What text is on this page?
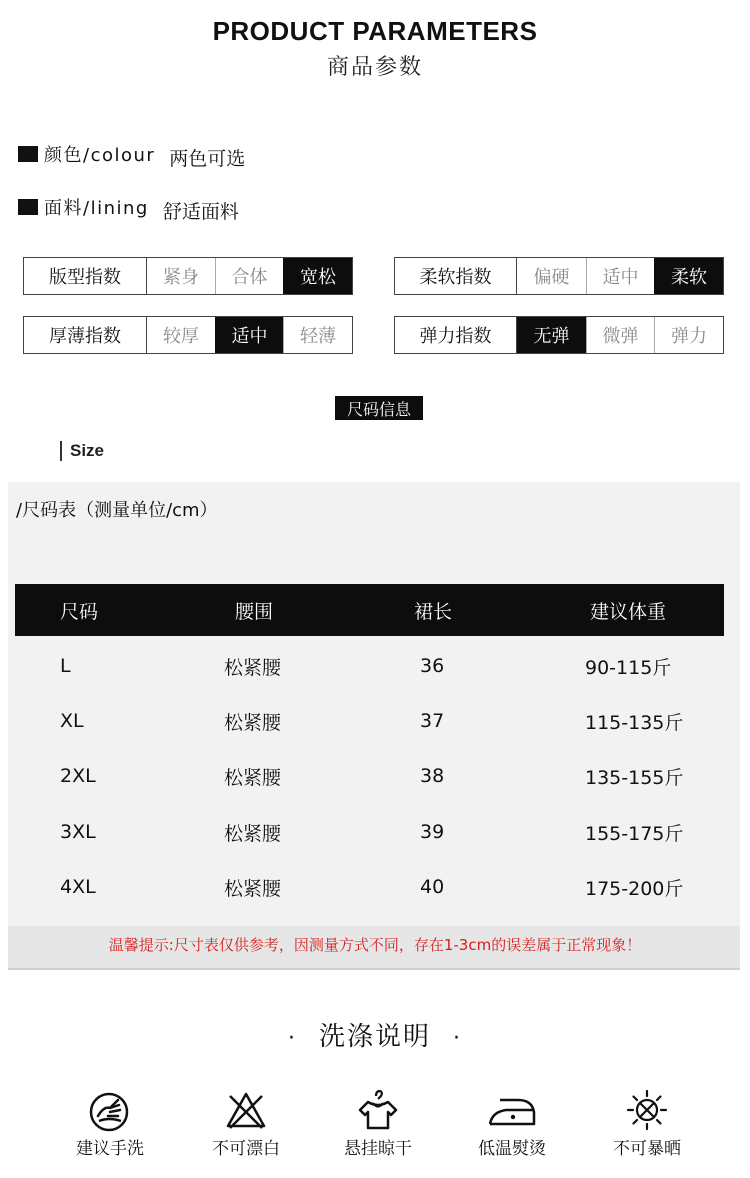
PRODUCT PARAMETERS
商品参数
颜色/colour 两色可选
面料/lining 舒适面料
版型指数	紧身	合体	宽松	柔软指数	偏硬	适中	柔软
厚薄指数	较厚	适中	轻薄	弹力指数	无弹	微弹	弹力
尺码信息
Size
/尺码表（测量单位/cm）
尺码	腰围	裙长	建议体重
L	松紧腰	36	90-115斤
XL	松紧腰	37	115-135斤
2XL	松紧腰	38	135-155斤
3XL	松紧腰	39	155-175斤
4XL	松紧腰	40	175-200斤
温馨提示:尺寸表仅供参考，因测量方式不同，存在1-3cm的误差属于正常现象！
· 洗涤说明 ·
建议手洗	不可漂白	悬挂晾干	低温熨烫	不可暴晒
